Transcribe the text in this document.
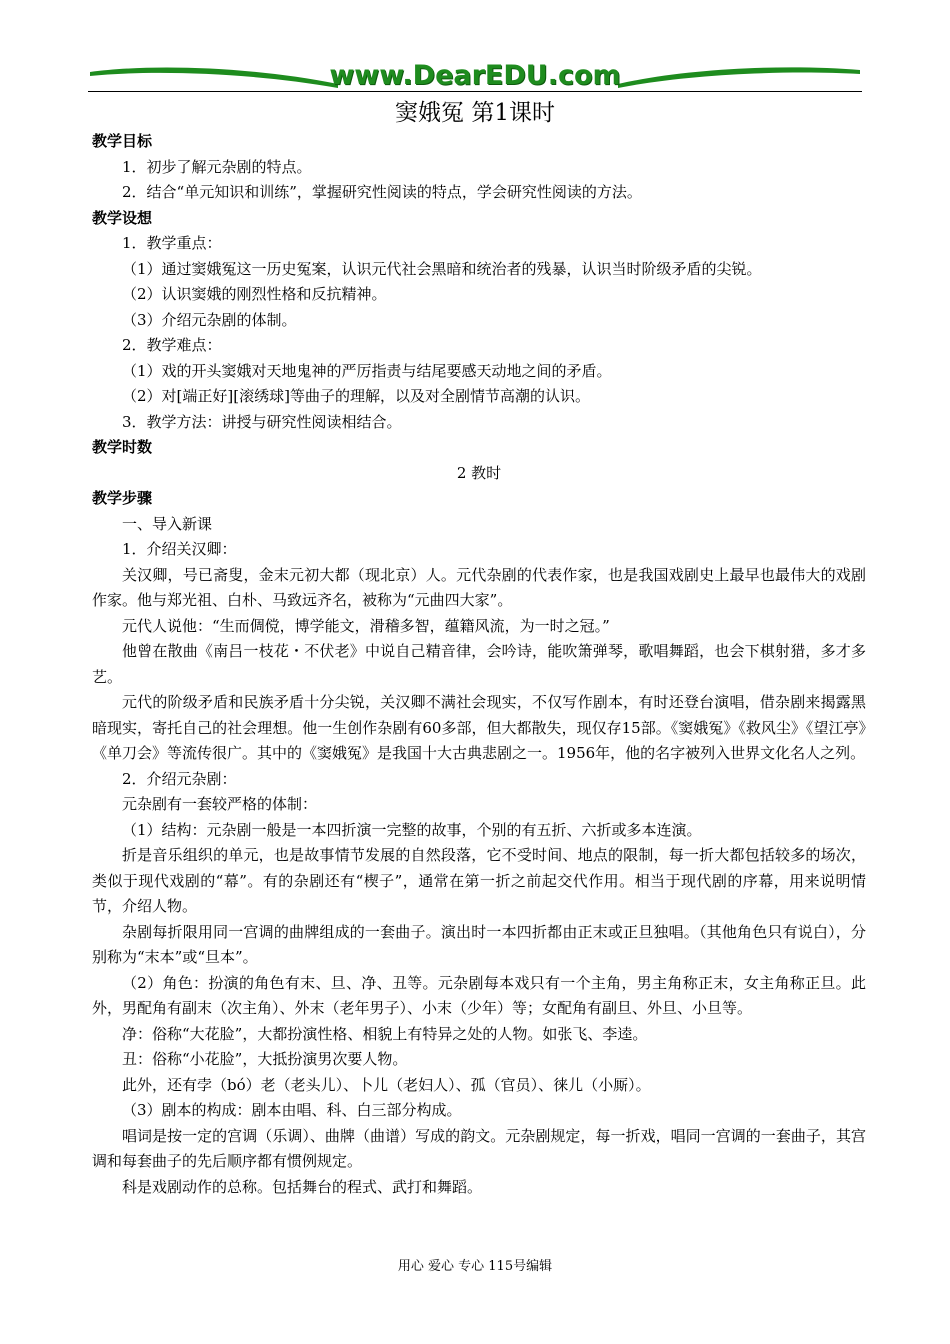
www.DearEDU.com
窦娥冤 第1课时

教学目标

1．初步了解元杂剧的特点。

2．结合“单元知识和训练”，掌握研究性阅读的特点，学会研究性阅读的方法。

教学设想

1．教学重点：

（1）通过窦娥冤这一历史冤案，认识元代社会黑暗和统治者的残暴，认识当时阶级矛盾的尖锐。

（2）认识窦娥的刚烈性格和反抗精神。

（3）介绍元杂剧的体制。

2．教学难点：

（1）戏的开头窦娥对天地鬼神的严厉指责与结尾要感天动地之间的矛盾。

（2）对[端正好][滚绣球]等曲子的理解，以及对全剧情节高潮的认识。

3．教学方法：讲授与研究性阅读相结合。

教学时数

2 教时

教学步骤

一、导入新课

1．介绍关汉卿：

关汉卿，号已斋叟，金末元初大都（现北京）人。元代杂剧的代表作家，也是我国戏剧史上最早也最伟大的戏剧作家。他与郑光祖、白朴、马致远齐名，被称为“元曲四大家”。

元代人说他：“生而倜傥，博学能文，滑稽多智，蕴籍风流，为一时之冠。”

他曾在散曲《南吕一枝花・不伏老》中说自己精音律，会吟诗，能吹箫弹琴，歌唱舞蹈，也会下棋射猎，多才多艺。

元代的阶级矛盾和民族矛盾十分尖锐，关汉卿不满社会现实，不仅写作剧本，有时还登台演唱，借杂剧来揭露黑暗现实，寄托自己的社会理想。他一生创作杂剧有60多部，但大都散失，现仅存15部。《窦娥冤》《救风尘》《望江亭》《单刀会》等流传很广。其中的《窦娥冤》是我国十大古典悲剧之一。1956年，他的名字被列入世界文化名人之列。

2．介绍元杂剧：

元杂剧有一套较严格的体制：

（1）结构：元杂剧一般是一本四折演一完整的故事，个别的有五折、六折或多本连演。

折是音乐组织的单元，也是故事情节发展的自然段落，它不受时间、地点的限制，每一折大都包括较多的场次，类似于现代戏剧的“幕”。有的杂剧还有“楔子”，通常在第一折之前起交代作用。相当于现代剧的序幕，用来说明情节，介绍人物。

杂剧每折限用同一宫调的曲牌组成的一套曲子。演出时一本四折都由正末或正旦独唱。（其他角色只有说白），分别称为“末本”或“旦本”。

（2）角色：扮演的角色有末、旦、净、丑等。元杂剧每本戏只有一个主角，男主角称正末，女主角称正旦。此外，男配角有副末（次主角）、外末（老年男子）、小末（少年）等；女配角有副旦、外旦、小旦等。

净：俗称“大花脸”，大都扮演性格、相貌上有特异之处的人物。如张飞、李逵。

丑：俗称“小花脸”，大抵扮演男次要人物。

此外，还有孛（bó）老（老头儿）、卜儿（老妇人）、孤（官员）、徕儿（小厮）。

（3）剧本的构成：剧本由唱、科、白三部分构成。

唱词是按一定的宫调（乐调）、曲牌（曲谱）写成的韵文。元杂剧规定，每一折戏，唱同一宫调的一套曲子，其宫调和每套曲子的先后顺序都有惯例规定。

科是戏剧动作的总称。包括舞台的程式、武打和舞蹈。

用心 爱心 专心 115号编辑
